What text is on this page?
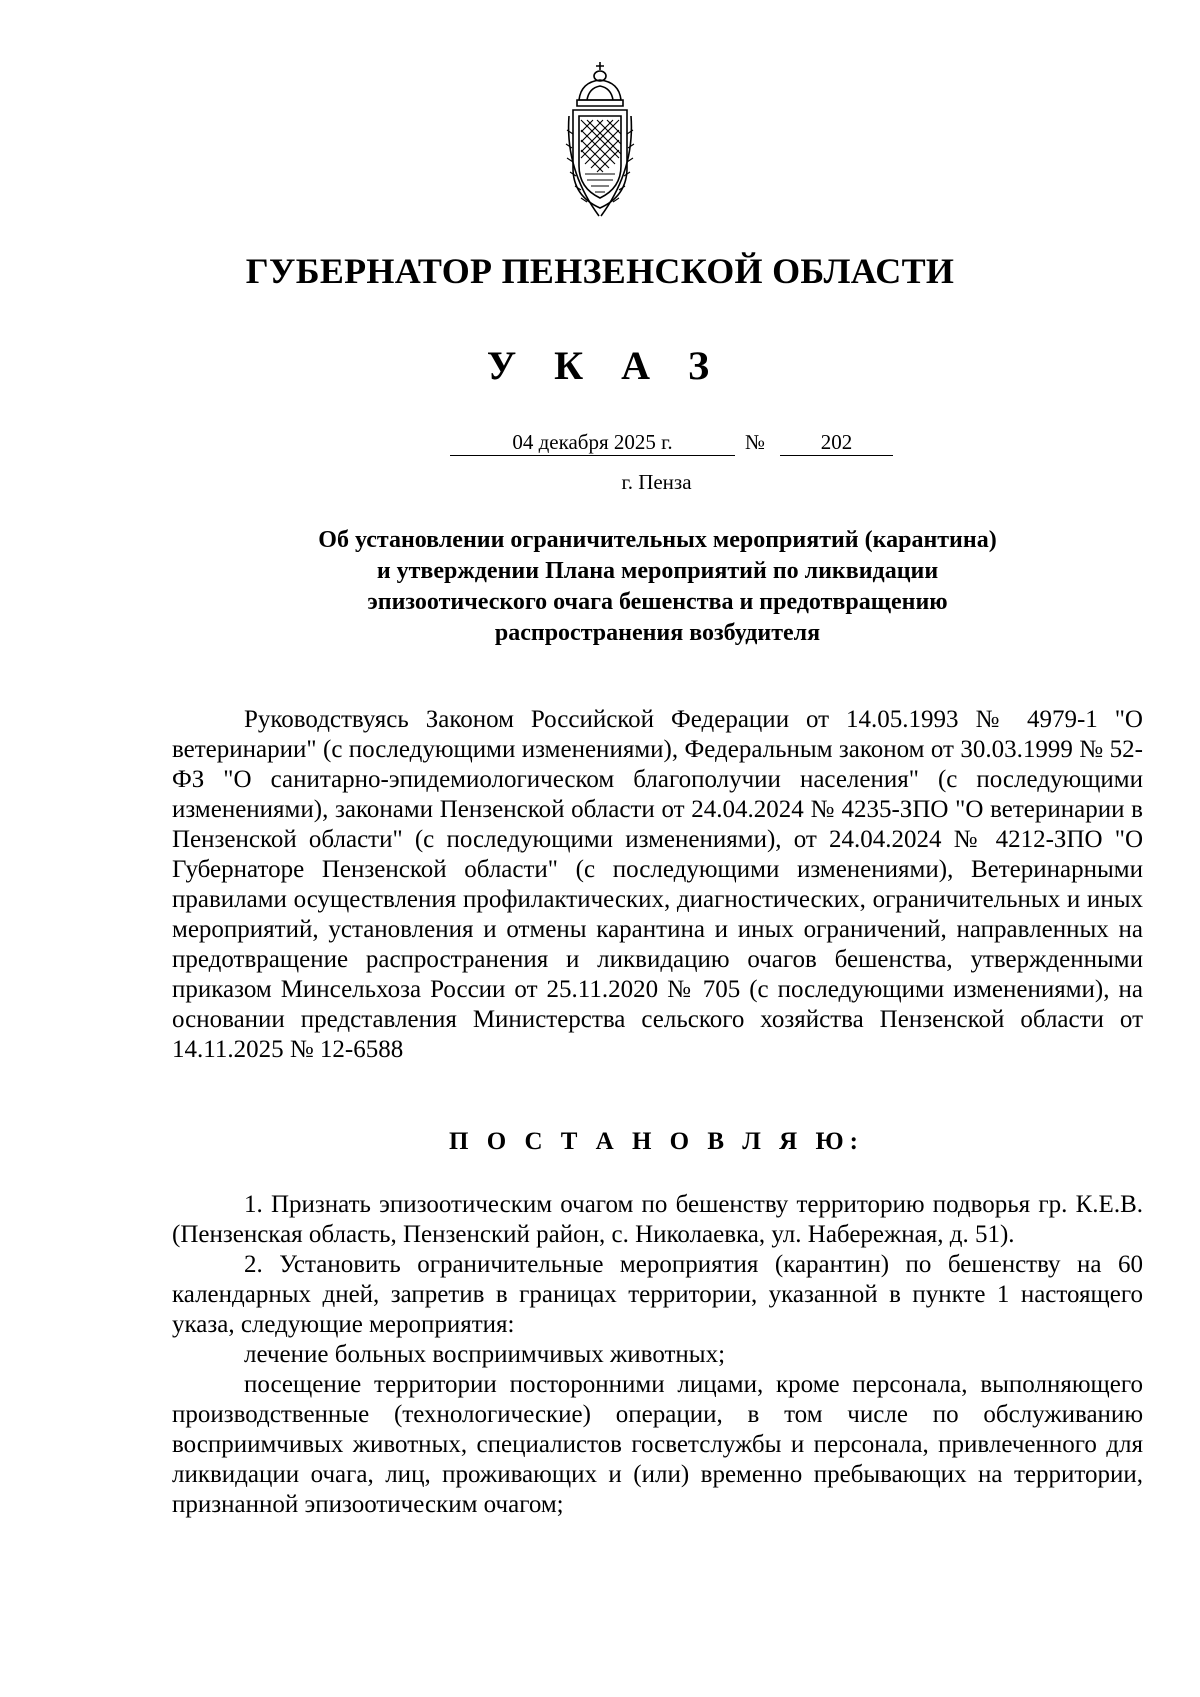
ГУБЕРНАТОР ПЕНЗЕНСКОЙ ОБЛАСТИ
У К А З
04 декабря 2025 г.	№	202
г. Пенза
Об установлении ограничительных мероприятий (карантина)
и утверждении Плана мероприятий по ликвидации
эпизоотического очага бешенства и предотвращению
распространения возбудителя

Руководствуясь Законом Российской Федерации от 14.05.1993 № 4979-1 "О ветеринарии" (с последующими изменениями), Федеральным законом от 30.03.1999 № 52-ФЗ "О санитарно-эпидемиологическом благополучии населения" (с последующими изменениями), законами Пензенской области от 24.04.2024 № 4235-ЗПО "О ветеринарии в Пензенской области" (с последующими изменениями), от 24.04.2024 № 4212-ЗПО "О Губернаторе Пензенской области" (с последующими изменениями), Ветеринарными правилами осуществления профилактических, диагностических, ограничительных и иных мероприятий, установления и отмены карантина и иных ограничений, направленных на предотвращение распространения и ликвидацию очагов бешенства, утвержденными приказом Минсельхоза России от 25.11.2020 № 705 (с последующими изменениями), на основании представления Министерства сельского хозяйства Пензенской области от 14.11.2025 № 12-6588

П О С Т А Н О В Л Я Ю:

1. Признать эпизоотическим очагом по бешенству территорию подворья гр. К.Е.В. (Пензенская область, Пензенский район, с. Николаевка, ул. Набережная, д. 51).

2. Установить ограничительные мероприятия (карантин) по бешенству на 60 календарных дней, запретив в границах территории, указанной в пункте 1 настоящего указа, следующие мероприятия:

лечение больных восприимчивых животных;

посещение территории посторонними лицами, кроме персонала, выполняющего производственные (технологические) операции, в том числе по обслуживанию восприимчивых животных, специалистов госветслужбы и персонала, привлеченного для ликвидации очага, лиц, проживающих и (или) временно пребывающих на территории, признанной эпизоотическим очагом;
